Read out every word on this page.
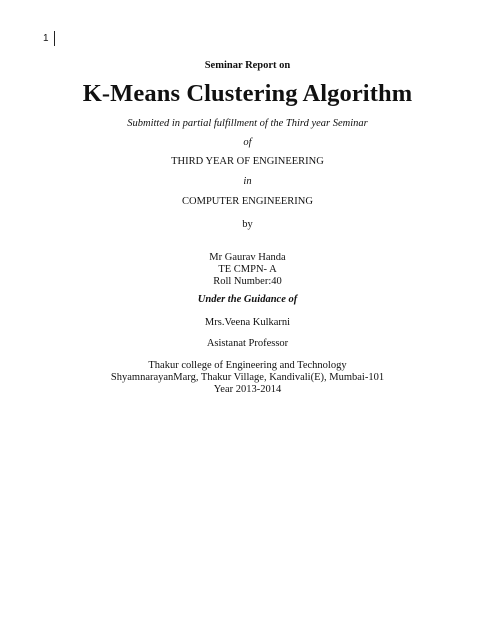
1
Seminar Report on
K-Means Clustering Algorithm
Submitted in partial fulfillment of the Third year Seminar
of
THIRD YEAR OF ENGINEERING
in
COMPUTER ENGINEERING
by
Mr Gaurav Handa
TE CMPN- A
Roll Number:40
Under the Guidance of
Mrs.Veena Kulkarni
Asistanat Professor
Thakur college of Engineering and Technology
ShyamnarayanMarg, Thakur Village, Kandivali(E), Mumbai-101
Year 2013-2014
